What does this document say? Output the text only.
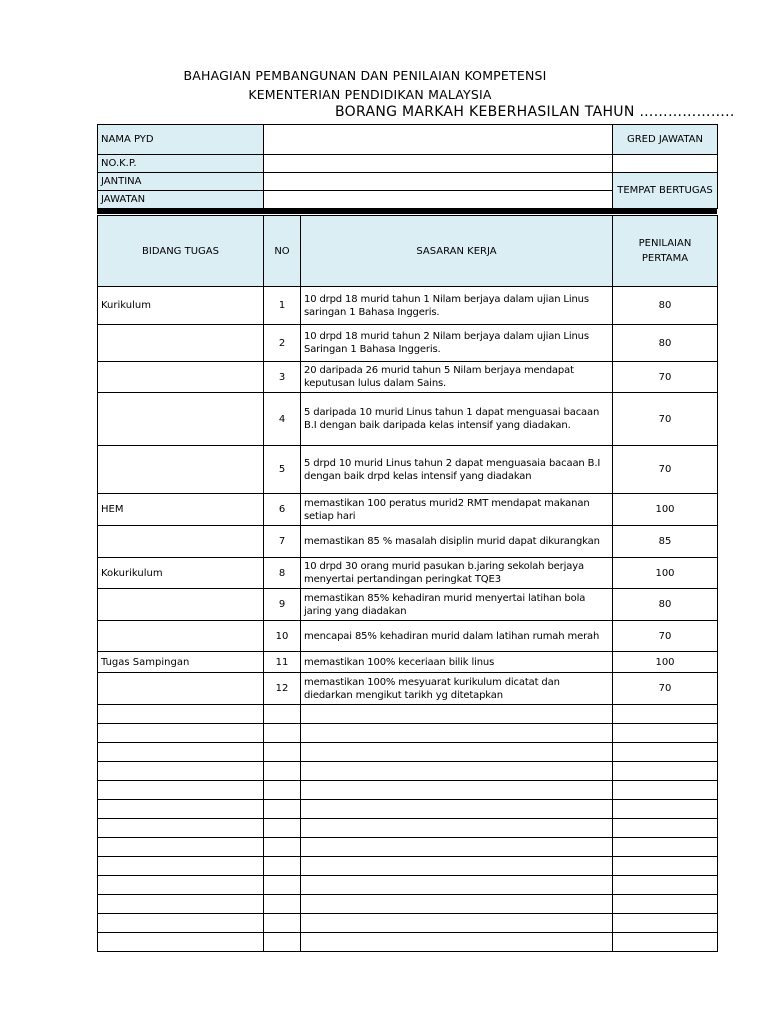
BAHAGIAN PEMBANGUNAN DAN PENILAIAN KOMPETENSI
KEMENTERIAN PENDIDIKAN MALAYSIA
BORANG MARKAH KEBERHASILAN TAHUN ………………..
NAMA PYD		GRED JAWATAN
NO.K.P.		
JANTINA		TEMPAT BERTUGAS
JAWATAN		
BIDANG TUGAS	NO	SASARAN KERJA	PENILAIAN PERTAMA
Kurikulum	1	10 drpd 18 murid tahun 1 Nilam berjaya dalam ujian Linus saringan 1 Bahasa Inggeris.	80
	2	10 drpd 18 murid tahun 2 Nilam berjaya dalam ujian Linus Saringan 1 Bahasa Inggeris.	80
	3	20 daripada 26 murid tahun 5 Nilam berjaya mendapat keputusan lulus dalam Sains.	70
	4	5 daripada 10 murid Linus tahun 1 dapat menguasai bacaan B.I dengan baik daripada kelas intensif yang diadakan.	70
	5	5 drpd 10 murid Linus tahun 2 dapat menguasaia bacaan B.I dengan baik drpd kelas intensif yang diadakan	70
HEM	6	memastikan 100 peratus murid2 RMT mendapat makanan setiap hari	100
	7	memastikan 85 % masalah disiplin murid dapat dikurangkan	85
Kokurikulum	8	10 drpd 30 orang murid pasukan b.jaring sekolah berjaya menyertai pertandingan peringkat TQE3	100
	9	memastikan 85% kehadiran murid menyertai latihan bola jaring yang diadakan	80
	10	mencapai 85% kehadiran murid dalam latihan rumah merah	70
Tugas Sampingan	11	memastikan 100% keceriaan bilik linus	100
	12	memastikan 100% mesyuarat kurikulum dicatat dan diedarkan mengikut tarikh yg ditetapkan	70
